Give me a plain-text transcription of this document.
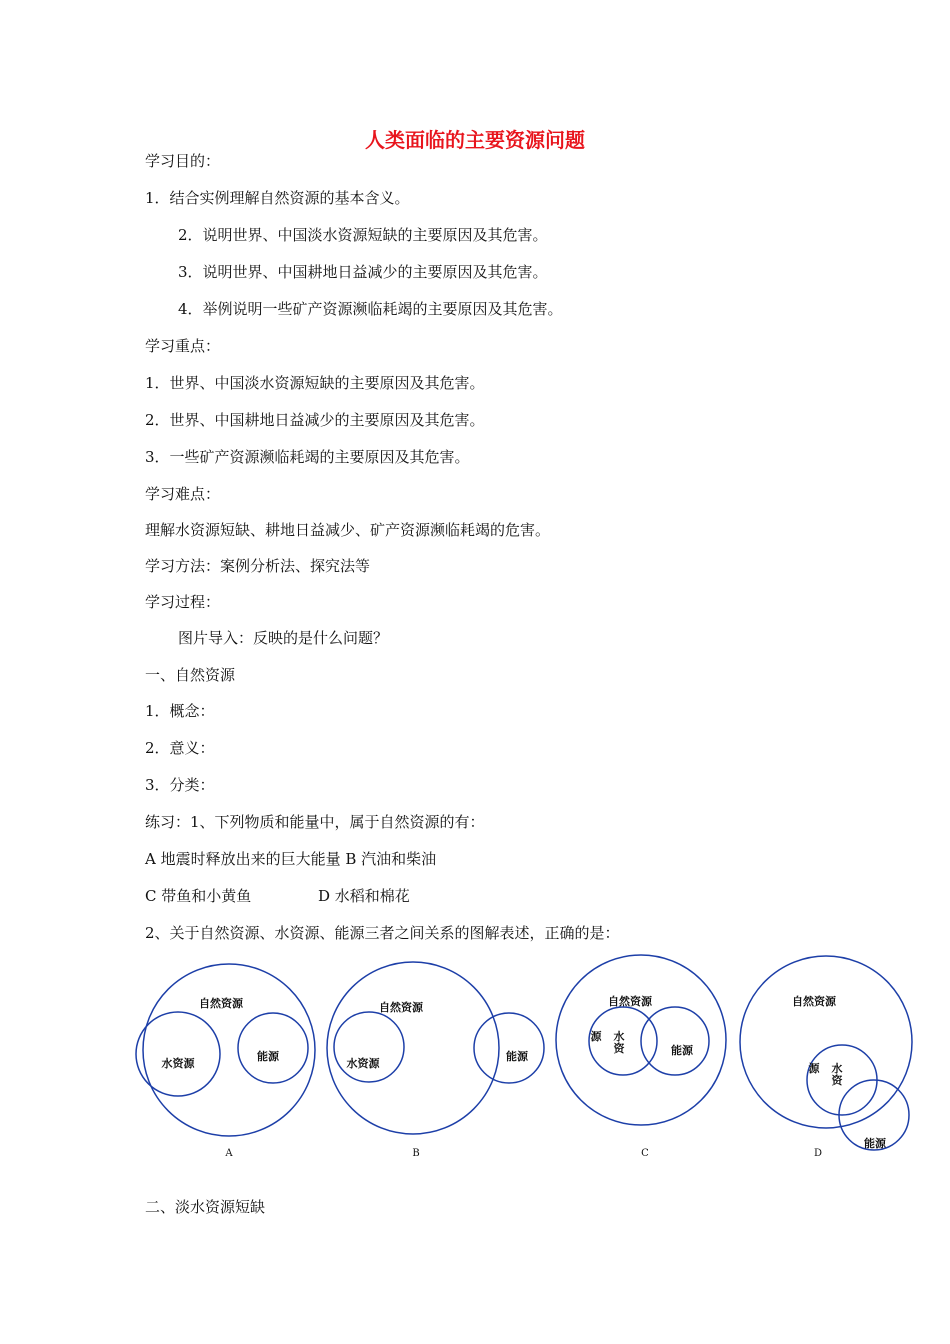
人类面临的主要资源问题

学习目的：

1．结合实例理解自然资源的基本含义。

2．说明世界、中国淡水资源短缺的主要原因及其危害。

3．说明世界、中国耕地日益减少的主要原因及其危害。

4．举例说明一些矿产资源濒临耗竭的主要原因及其危害。

学习重点：

1．世界、中国淡水资源短缺的主要原因及其危害。

2．世界、中国耕地日益减少的主要原因及其危害。

3．一些矿产资源濒临耗竭的主要原因及其危害。

学习难点：

理解水资源短缺、耕地日益减少、矿产资源濒临耗竭的危害。

学习方法：案例分析法、探究法等

学习过程：

图片导入：反映的是什么问题？

一、自然资源

1．概念：

2．意义：

3．分类：

练习：1、下列物质和能量中，属于自然资源的有：

A 地震时释放出来的巨大能量 B 汽油和柴油

C 带鱼和小黄鱼	D 水稻和棉花

2、关于自然资源、水资源、能源三者之间关系的图解表述，正确的是：

自然资源
水资源
能源
A
自然资源
水资源
能源
B
自然资源
源 水
资	能源
C
自然资源
源 水
资
能源
D

二、淡水资源短缺
